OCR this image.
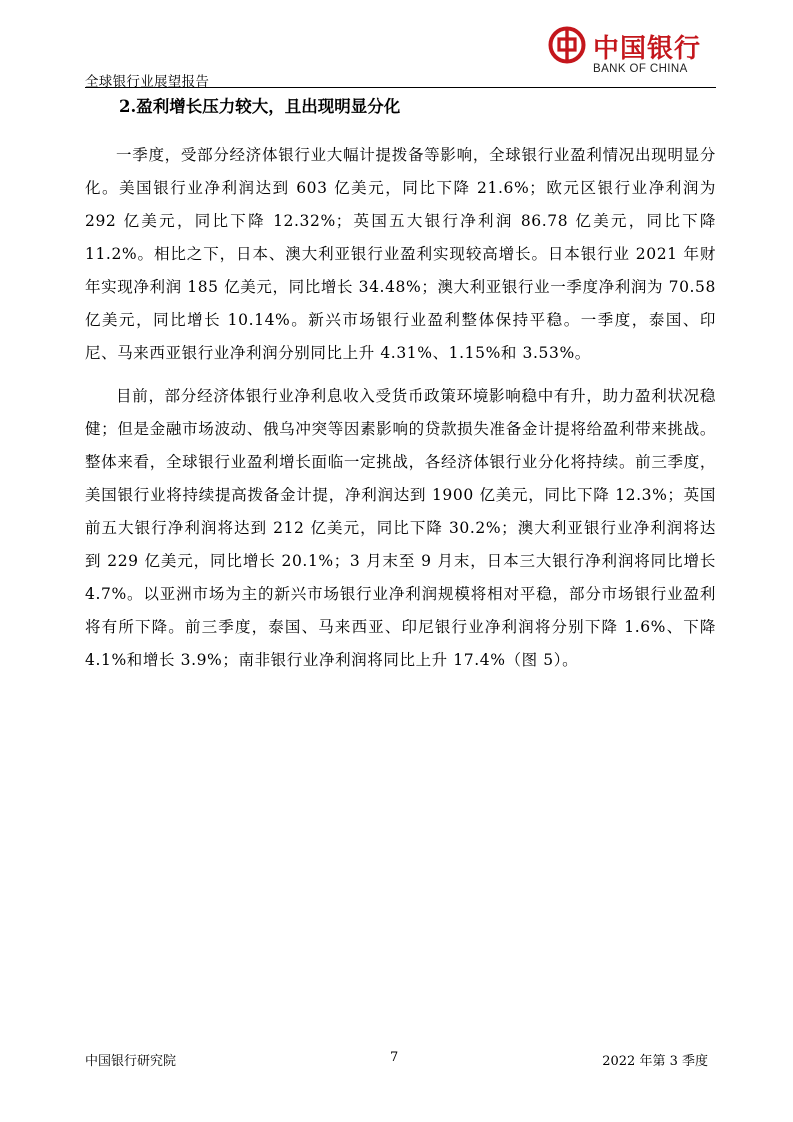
中国银行
BANK OF CHINA
全球银行业展望报告
2.盈利增长压力较大，且出现明显分化

一季度，受部分经济体银行业大幅计提拨备等影响，全球银行业盈利情况出现明显分化。美国银行业净利润达到 603 亿美元，同比下降 21.6%；欧元区银行业净利润为 292 亿美元，同比下降 12.32%；英国五大银行净利润 86.78 亿美元，同比下降 11.2%。相比之下，日本、澳大利亚银行业盈利实现较高增长。日本银行业 2021 年财年实现净利润 185 亿美元，同比增长 34.48%；澳大利亚银行业一季度净利润为 70.58 亿美元，同比增长 10.14%。新兴市场银行业盈利整体保持平稳。一季度，泰国、印尼、马来西亚银行业净利润分别同比上升 4.31%、1.15%和 3.53%。

目前，部分经济体银行业净利息收入受货币政策环境影响稳中有升，助力盈利状况稳健；但是金融市场波动、俄乌冲突等因素影响的贷款损失准备金计提将给盈利带来挑战。整体来看，全球银行业盈利增长面临一定挑战，各经济体银行业分化将持续。前三季度，美国银行业将持续提高拨备金计提，净利润达到 1900 亿美元，同比下降 12.3%；英国前五大银行净利润将达到 212 亿美元，同比下降 30.2%；澳大利亚银行业净利润将达到 229 亿美元，同比增长 20.1%；3 月末至 9 月末，日本三大银行净利润将同比增长 4.7%。以亚洲市场为主的新兴市场银行业净利润规模将相对平稳，部分市场银行业盈利将有所下降。前三季度，泰国、马来西亚、印尼银行业净利润将分别下降 1.6%、下降 4.1%和增长 3.9%；南非银行业净利润将同比上升 17.4%（图 5）。

中国银行研究院	7	2022 年第 3 季度
